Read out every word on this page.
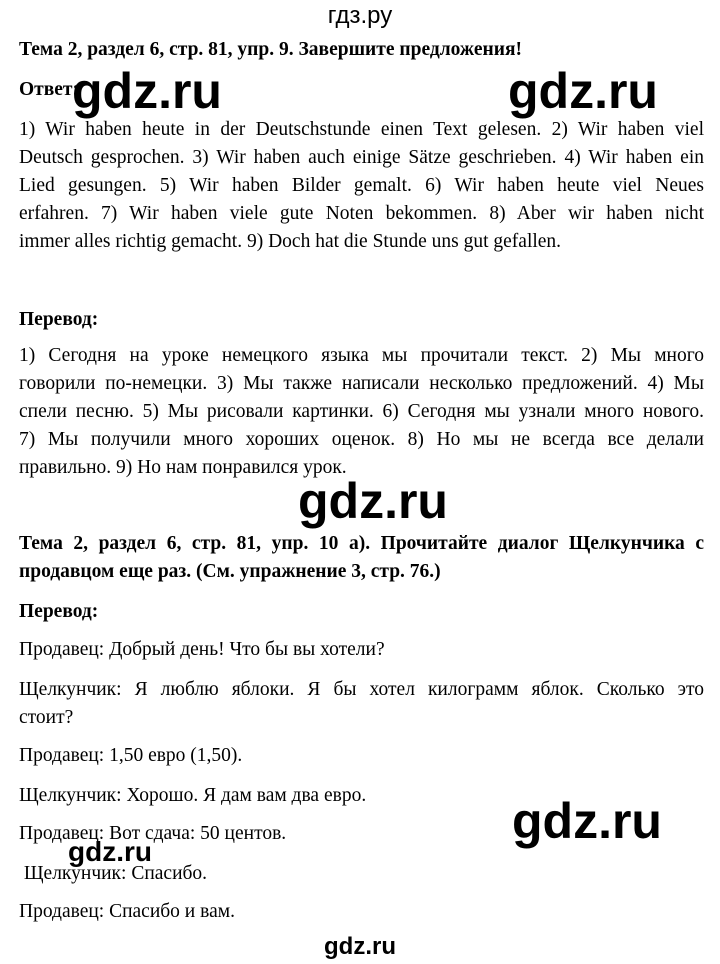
гдз.ру

Тема 2, раздел 6, стр. 81, упр. 9. Завершите предложения!

Ответ:

1) Wir haben heute in der Deutschstunde einen Text gelesen. 2) Wir haben viel

Deutsch gesprochen. 3) Wir haben auch einige Sätze geschrieben. 4) Wir haben ein

Lied gesungen. 5) Wir haben Bilder gemalt. 6) Wir haben heute viel Neues

erfahren. 7) Wir haben viele gute Noten bekommen. 8) Aber wir haben nicht

immer alles richtig gemacht. 9) Doch hat die Stunde uns gut gefallen.

Перевод:

1) Сегодня на уроке немецкого языка мы прочитали текст. 2) Мы много

говорили по-немецки. 3) Мы также написали несколько предложений. 4) Мы

спели песню. 5) Мы рисовали картинки. 6) Сегодня мы узнали много нового.

7) Мы получили много хороших оценок. 8) Но мы не всегда все делали

правильно. 9) Но нам понравился урок.

Тема 2, раздел 6, стр. 81, упр. 10 а). Прочитайте диалог Щелкунчика с

продавцом еще раз. (См. упражнение 3, стр. 76.)

Перевод:

Продавец: Добрый день! Что бы вы хотели?

Щелкунчик: Я люблю яблоки. Я бы хотел килограмм яблок. Сколько это

стоит?

Продавец: 1,50 евро (1,50).

Щелкунчик: Хорошо. Я дам вам два евро.

Продавец: Вот сдача: 50 центов.

Щелкунчик: Спасибо.

Продавец: Спасибо и вам.

gdz.ru	gdz.ru
gdz.ru
gdz.ru
gdz.ru
gdz.ru
